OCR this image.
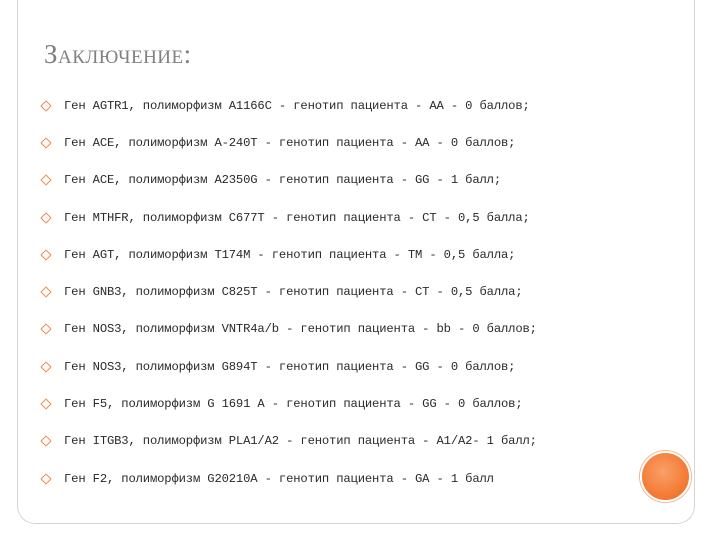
Заключение:
Ген AGTR1, полиморфизм A1166C - генотип пациента - AA - 0 баллов;
Ген ACE, полиморфизм A-240T - генотип пациента - AA - 0 баллов;
Ген ACE, полиморфизм A2350G - генотип пациента - GG - 1 балл;
Ген MTHFR, полиморфизм C677T - генотип пациента - CT - 0,5 балла;
Ген AGT, полиморфизм T174M - генотип пациента - TM - 0,5 балла;
Ген GNB3, полиморфизм C825T - генотип пациента - CT - 0,5 балла;
Ген NOS3, полиморфизм VNTR4a/b - генотип пациента - bb - 0 баллов;
Ген NOS3, полиморфизм G894T - генотип пациента - GG - 0 баллов;
Ген F5, полиморфизм G 1691 A - генотип пациента - GG - 0 баллов;
Ген ITGB3, полиморфизм PLA1/A2 - генотип пациента - A1/A2- 1 балл;
Ген F2, полиморфизм G20210A - генотип пациента - GA - 1 балл
